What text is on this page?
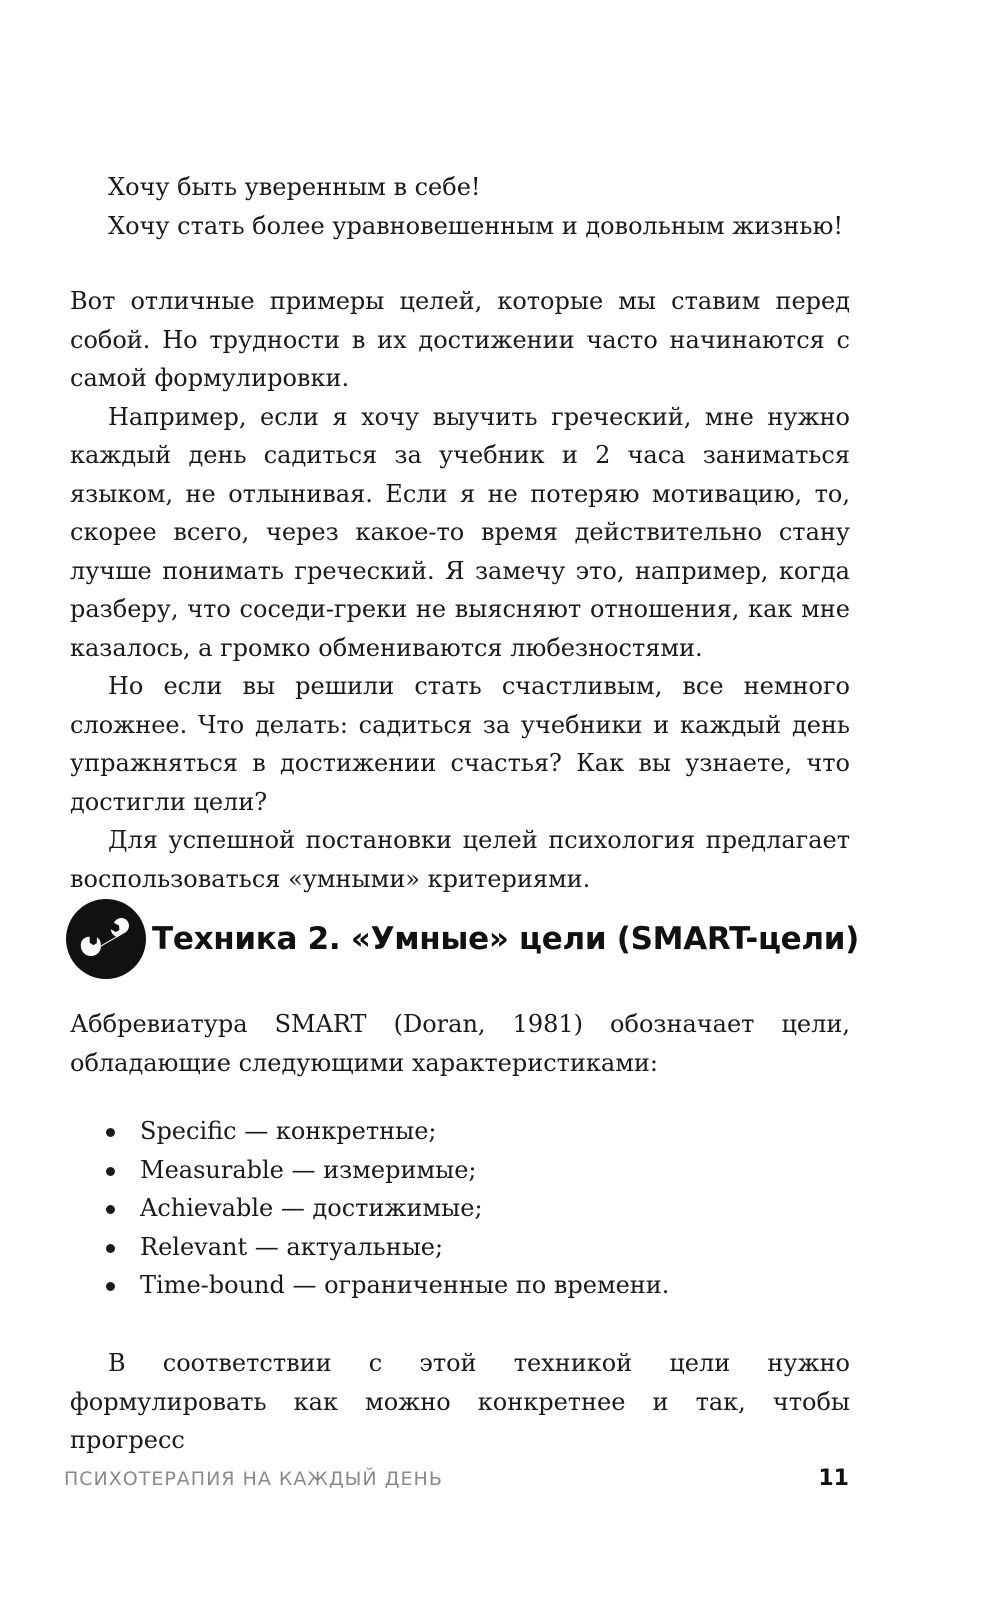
Хочу быть уверенным в себе!
Хочу стать более уравновешенным и довольным жизнью!

Вот отличные примеры целей, которые мы ставим перед собой. Но трудности в их достижении часто начинаются с самой формулировки.

Например, если я хочу выучить греческий, мне нужно каждый день садиться за учебник и 2 часа заниматься языком, не отлынивая. Если я не потеряю мотивацию, то, скорее всего, через какое-то время действительно стану лучше понимать греческий. Я замечу это, например, когда разберу, что соседи-греки не выясняют отношения, как мне казалось, а громко обмениваются любезностями.

Но если вы решили стать счастливым, все немного сложнее. Что делать: садиться за учебники и каждый день упражняться в достижении счастья? Как вы узнаете, что достигли цели?

Для успешной постановки целей психология предлагает воспользоваться «умными» критериями.

Техника 2. «Умные» цели (SMART-цели)

Аббревиатура SMART (Doran, 1981) обозначает цели, обладающие следующими характеристиками:

Specific — конкретные;
Measurable — измеримые;
Achievable — достижимые;
Relevant — актуальные;
Time-bound — ограниченные по времени.

В соответствии с этой техникой цели нужно формулировать как можно конкретнее и так, чтобы прогресс

ПСИХОТЕРАПИЯ НА КАЖДЫЙ ДЕНЬ	11
